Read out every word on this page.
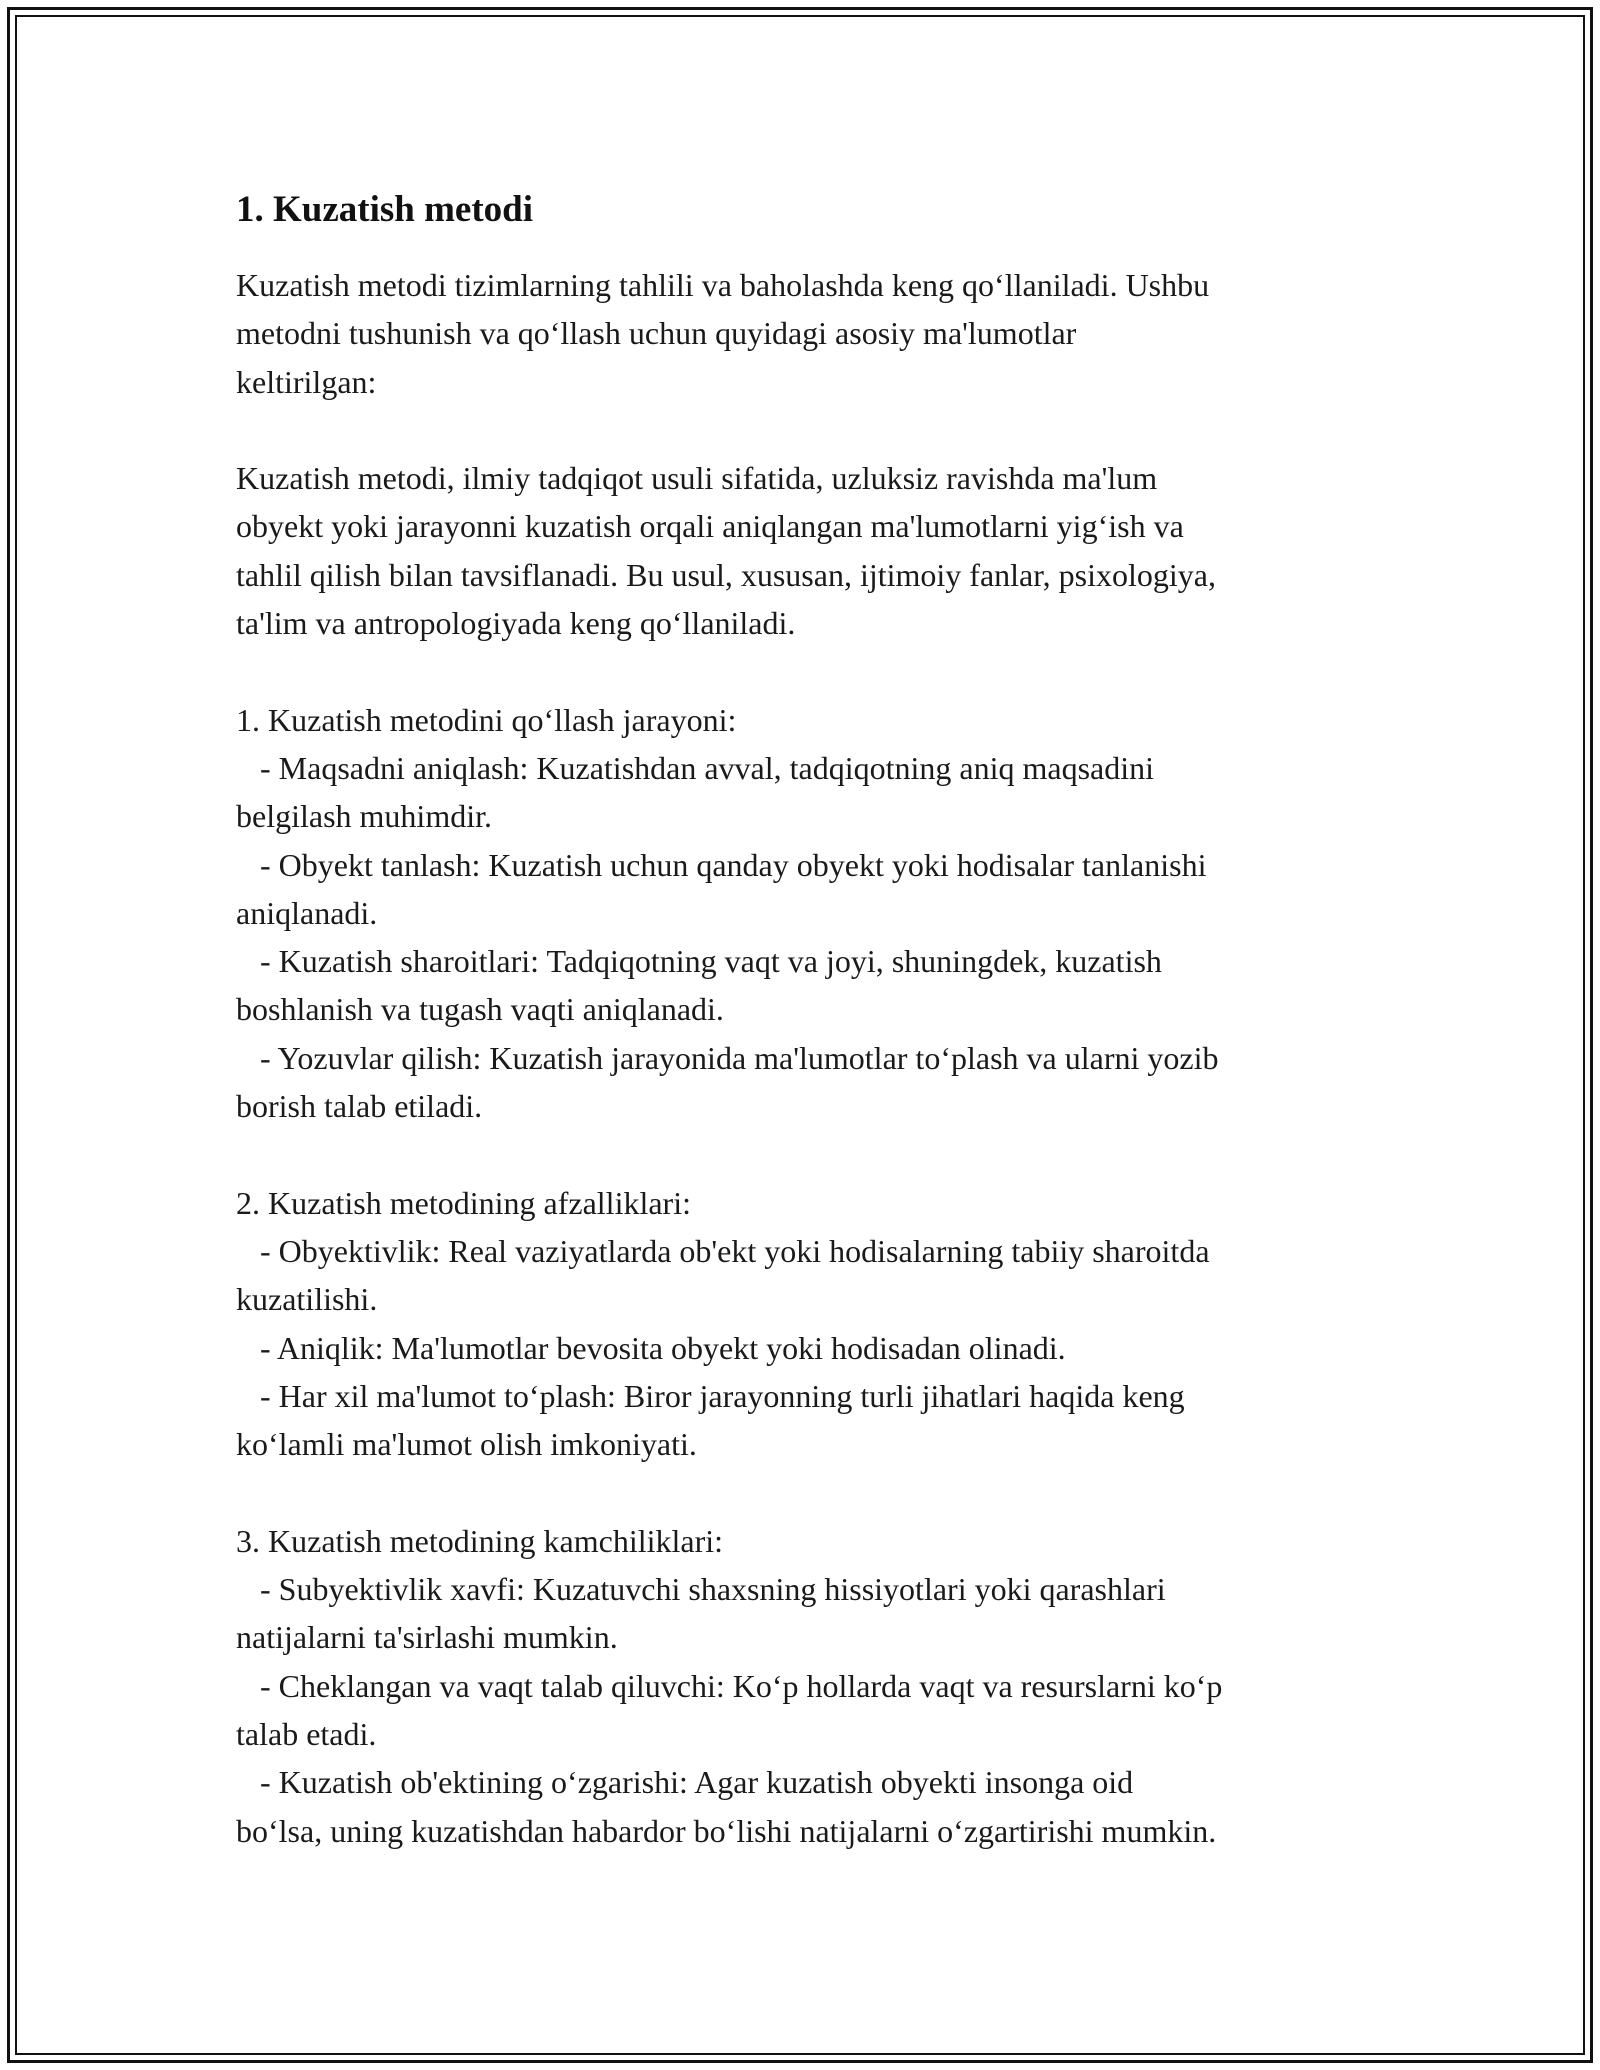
1. Kuzatish metodi

Kuzatish metodi tizimlarning tahlili va baholashda keng qo‘llaniladi. Ushbu
metodni tushunish va qo‘llash uchun quyidagi asosiy ma'lumotlar
keltirilgan:

Kuzatish metodi, ilmiy tadqiqot usuli sifatida, uzluksiz ravishda ma'lum
obyekt yoki jarayonni kuzatish orqali aniqlangan ma'lumotlarni yig‘ish va
tahlil qilish bilan tavsiflanadi. Bu usul, xususan, ijtimoiy fanlar, psixologiya,
ta'lim va antropologiyada keng qo‘llaniladi.

1. Kuzatish metodini qo‘llash jarayoni:

- Maqsadni aniqlash: Kuzatishdan avval, tadqiqotning aniq maqsadini
belgilash muhimdir.

- Obyekt tanlash: Kuzatish uchun qanday obyekt yoki hodisalar tanlanishi
aniqlanadi.

- Kuzatish sharoitlari: Tadqiqotning vaqt va joyi, shuningdek, kuzatish
boshlanish va tugash vaqti aniqlanadi.

- Yozuvlar qilish: Kuzatish jarayonida ma'lumotlar to‘plash va ularni yozib
borish talab etiladi.

2. Kuzatish metodining afzalliklari:

- Obyektivlik: Real vaziyatlarda ob'ekt yoki hodisalarning tabiiy sharoitda
kuzatilishi.

- Aniqlik: Ma'lumotlar bevosita obyekt yoki hodisadan olinadi.

- Har xil ma'lumot to‘plash: Biror jarayonning turli jihatlari haqida keng
ko‘lamli ma'lumot olish imkoniyati.

3. Kuzatish metodining kamchiliklari:

- Subyektivlik xavfi: Kuzatuvchi shaxsning hissiyotlari yoki qarashlari
natijalarni ta'sirlashi mumkin.

- Cheklangan va vaqt talab qiluvchi: Ko‘p hollarda vaqt va resurslarni ko‘p
talab etadi.

- Kuzatish ob'ektining o‘zgarishi: Agar kuzatish obyekti insonga oid
bo‘lsa, uning kuzatishdan habardor bo‘lishi natijalarni o‘zgartirishi mumkin.
